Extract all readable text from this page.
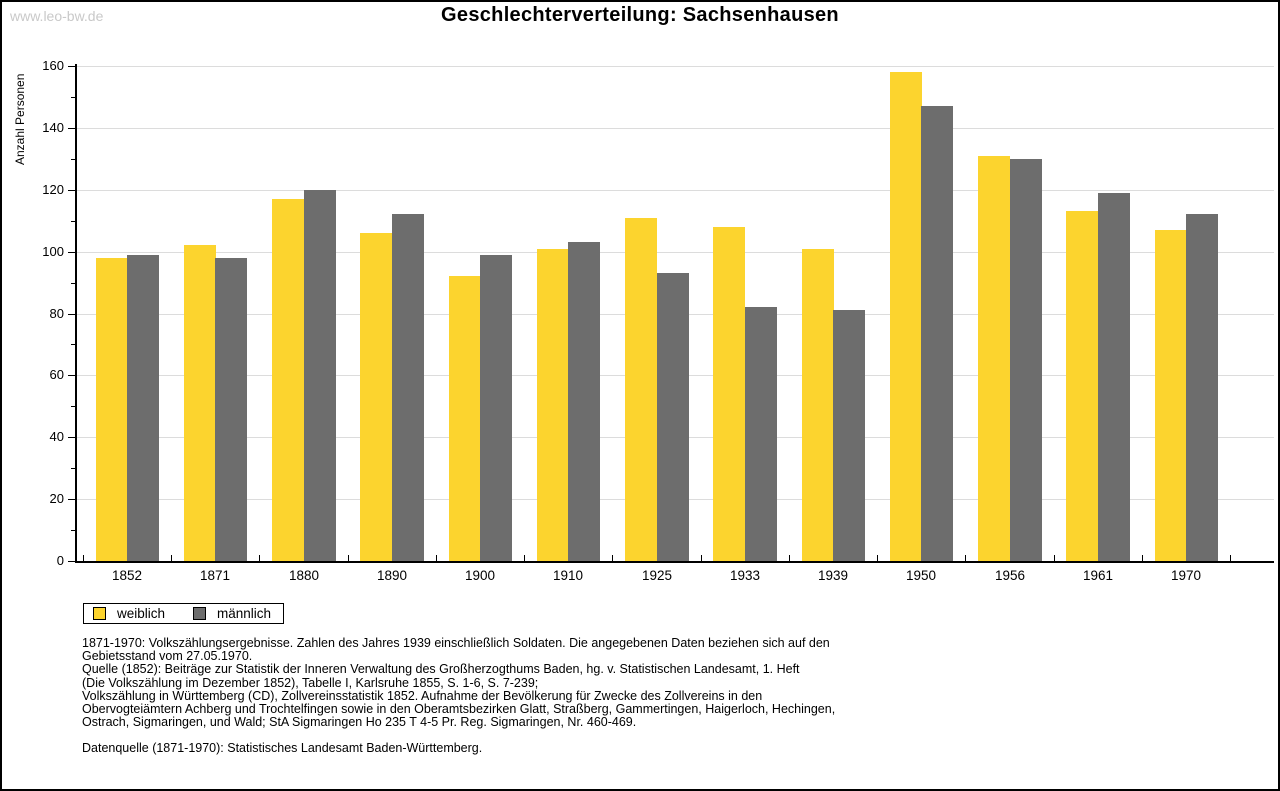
www.leo-bw.de	Geschlechterverteilung: Sachsenhausen
Anzahl Personen
1852	1871	1880	1890	1900	1910	1925	1933	1939	1950	1956	1961	1970
0
20
40
60
80
100
120
140
160
weiblich	männlich
1871-1970: Volkszählungsergebnisse. Zahlen des Jahres 1939 einschließlich Soldaten. Die angegebenen Daten beziehen sich auf den
Gebietsstand vom 27.05.1970.
Quelle (1852): Beiträge zur Statistik der Inneren Verwaltung des Großherzogthums Baden, hg. v. Statistischen Landesamt, 1. Heft
(Die Volkszählung im Dezember 1852), Tabelle I, Karlsruhe 1855, S. 1-6, S. 7-239;
Volkszählung in Württemberg (CD), Zollvereinsstatistik 1852. Aufnahme der Bevölkerung für Zwecke des Zollvereins in den
Obervogteiämtern Achberg und Trochtelfingen sowie in den Oberamtsbezirken Glatt, Straßberg, Gammertingen, Haigerloch, Hechingen,
Ostrach, Sigmaringen, und Wald; StA Sigmaringen Ho 235 T 4-5 Pr. Reg. Sigmaringen, Nr. 460-469.
Datenquelle (1871-1970): Statistisches Landesamt Baden-Württemberg.
